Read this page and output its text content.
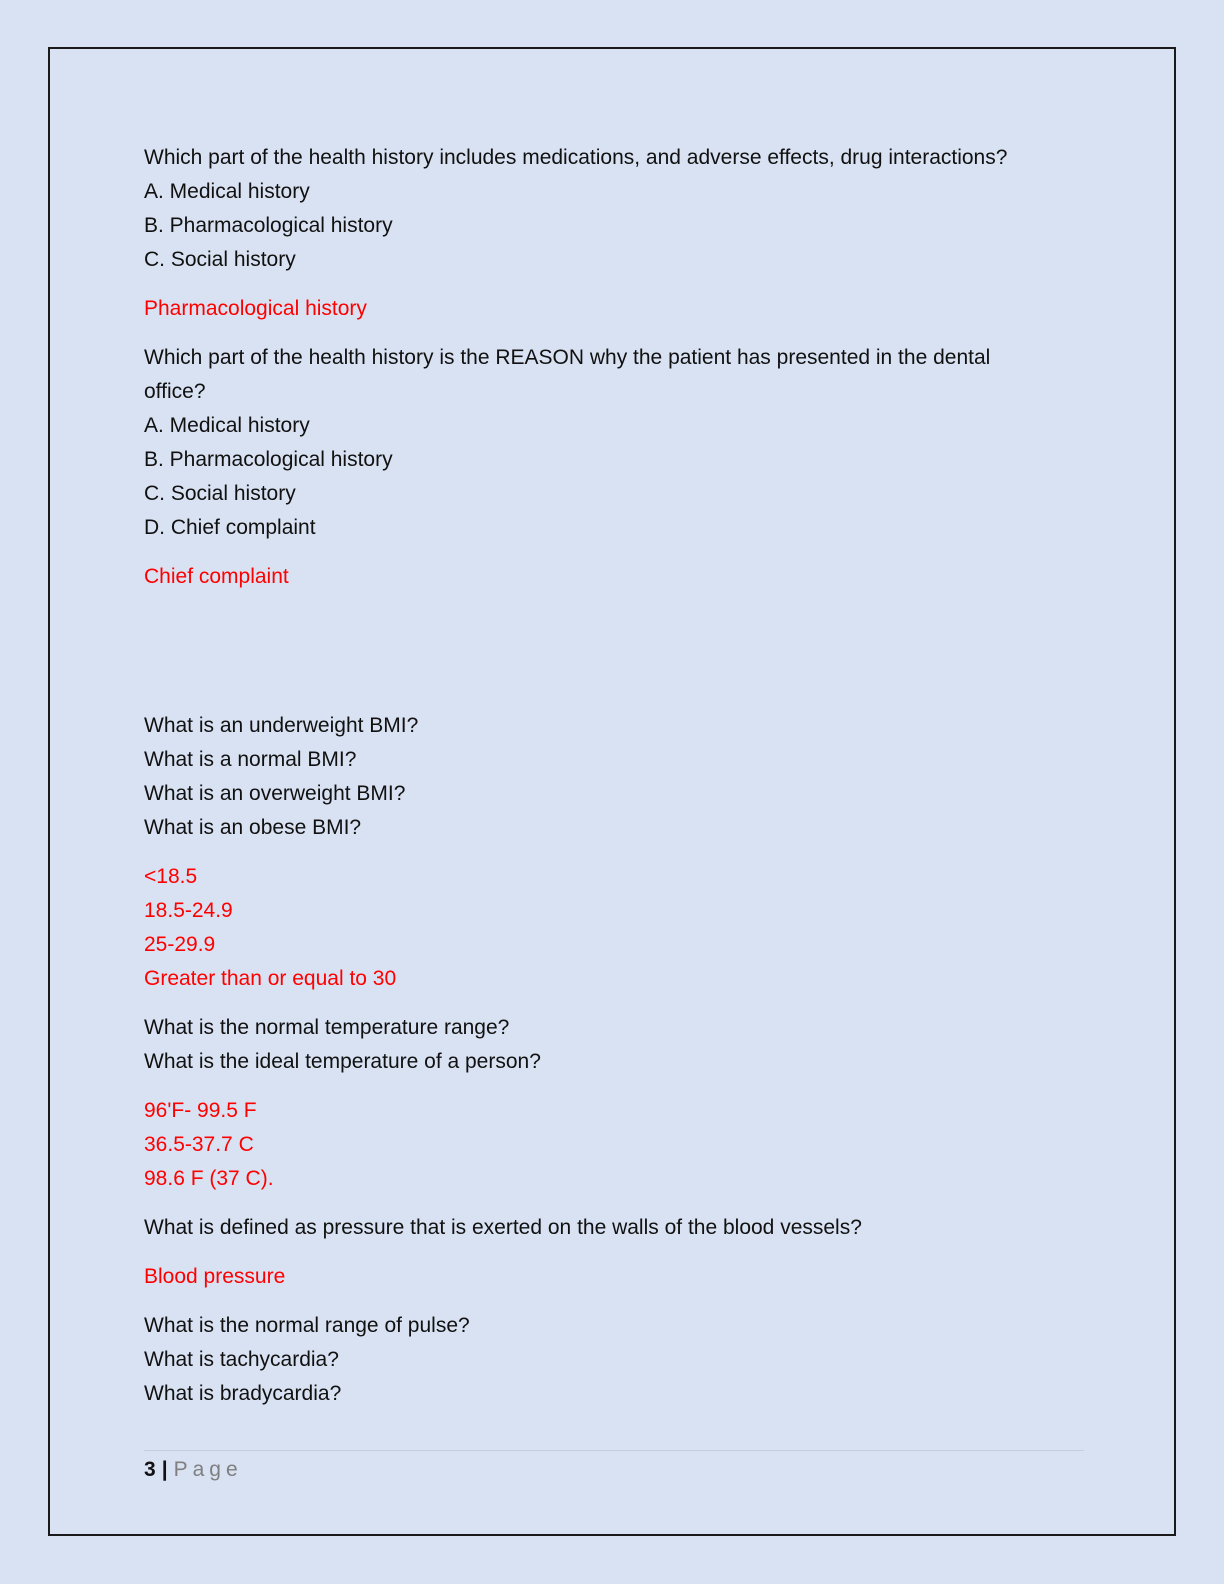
Which part of the health history includes medications, and adverse effects, drug interactions?
A. Medical history
B. Pharmacological history
C. Social history
Pharmacological history
Which part of the health history is the REASON why the patient has presented in the dental
office?
A. Medical history
B. Pharmacological history
C. Social history
D. Chief complaint
Chief complaint
What is an underweight BMI?
What is a normal BMI?
What is an overweight BMI?
What is an obese BMI?
<18.5
18.5-24.9
25-29.9
Greater than or equal to 30
What is the normal temperature range?
What is the ideal temperature of a person?
96'F- 99.5 F
36.5-37.7 C
98.6 F (37 C).
What is defined as pressure that is exerted on the walls of the blood vessels?
Blood pressure
What is the normal range of pulse?
What is tachycardia?
What is bradycardia?
3 | Page
